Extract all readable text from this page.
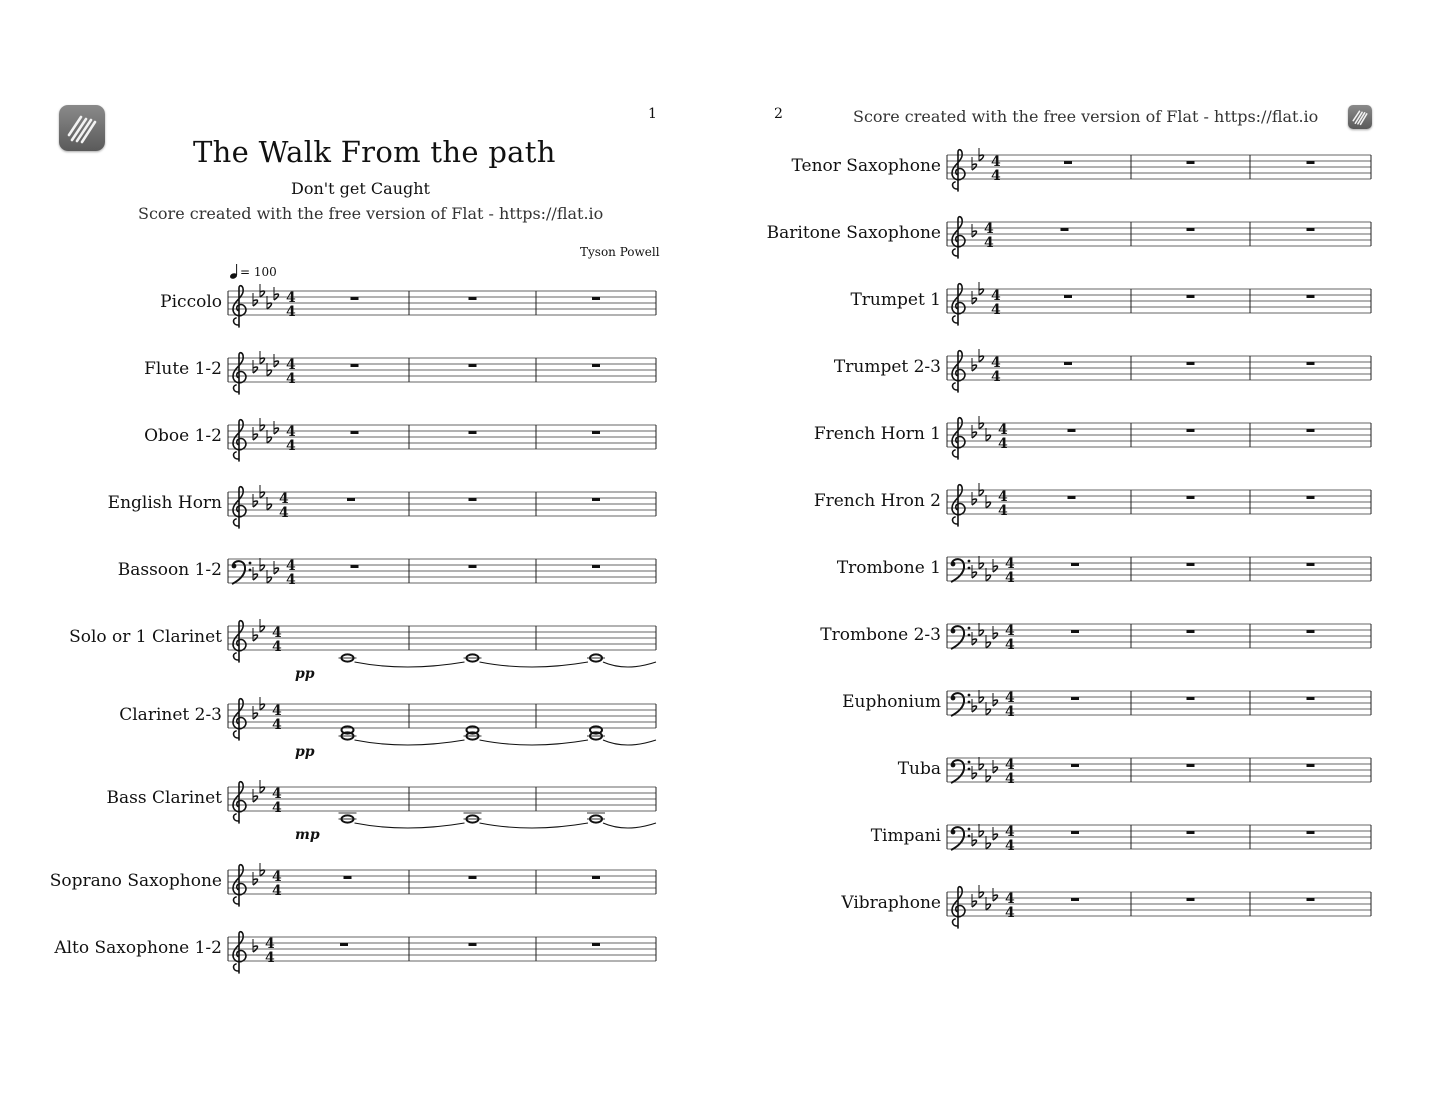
1
The Walk From the path
Don't get Caught
Score created with the free version of Flat - https://flat.io
Tyson Powell
= 100
Piccolo
Flute 1-2
Oboe 1-2
English Horn
Bassoon 1-2
Solo or 1 Clarinet
pp
Clarinet 2-3
pp
Bass Clarinet
mp
Soprano Saxophone
Alto Saxophone 1-2
4
4
4
4
4
4
4
4
4
4
4
4
4
4
4
4
4
4
4
4
2	Score created with the free version of Flat - https://flat.io
Tenor Saxophone
Baritone Saxophone
Trumpet 1
Trumpet 2-3
French Horn 1
French Hron 2
Trombone 1
Trombone 2-3
Euphonium
Tuba
Timpani
Vibraphone
4
4
4
4
4
4
4
4
4
4
4
4
4
4
4
4
4
4
4
4
4
4
4
4
